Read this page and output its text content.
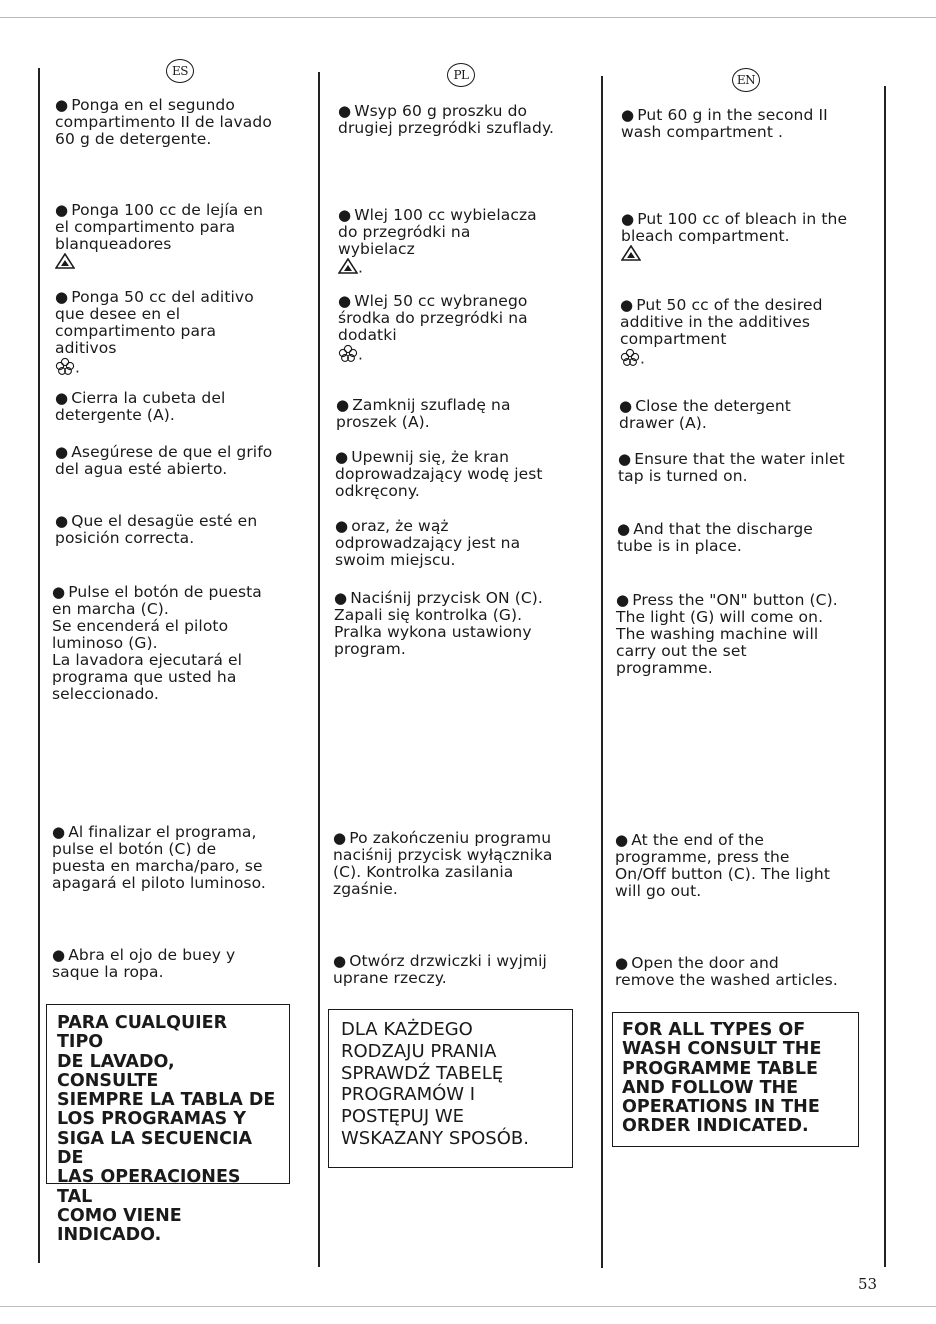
ES
● Ponga en el segundo
compartimento II de lavado
60 g de detergente.
● Ponga 100 cc de lejía en
el compartimento para
blanqueadores

● Ponga 50 cc del aditivo
que desee en el
compartimento para
aditivos
.
● Cierra la cubeta del
detergente (A).
● Asegúrese de que el grifo
del agua esté abierto.
● Que el desagüe esté en
posición correcta.
● Pulse el botón de puesta
en marcha (C).
Se encenderá el piloto
luminoso (G).
La lavadora ejecutará el
programa que usted ha
seleccionado.
● Al finalizar el programa,
pulse el botón (C) de
puesta en marcha/paro, se
apagará el piloto luminoso.
● Abra el ojo de buey y
saque la ropa.
PARA CUALQUIER TIPO
DE LAVADO, CONSULTE
SIEMPRE LA TABLA DE
LOS PROGRAMAS Y
SIGA LA SECUENCIA DE
LAS OPERACIONES TAL
COMO VIENE
INDICADO.
PL
● Wsyp 60 g proszku do
drugiej przegródki szuflady.
● Wlej 100 cc wybielacza
do przegródki na
wybielacz
.
● Wlej 50 cc wybranego
środka do przegródki na
dodatki
.
● Zamknij szufladę na
proszek (A).
● Upewnij się, że kran
doprowadzający wodę jest
odkręcony.
● oraz, że wąż
odprowadzający jest na
swoim miejscu.
● Naciśnij przycisk ON (C).
Zapali się kontrolka (G).
Pralka wykona ustawiony
program.
● Po zakończeniu programu
naciśnij przycisk wyłącznika
(C). Kontrolka zasilania
zgaśnie.
● Otwórz drzwiczki i wyjmij
uprane rzeczy.
DLA KAŻDEGO
RODZAJU PRANIA
SPRAWDŹ TABELĘ
PROGRAMÓW I
POSTĘPUJ WE
WSKAZANY SPOSÓB.
EN
● Put 60 g in the second II
wash compartment .
● Put 100 cc of bleach in the
bleach compartment.

● Put 50 cc of the desired
additive in the additives
compartment
.
● Close the detergent
drawer (A).
● Ensure that the water inlet
tap is turned on.
● And that the discharge
tube is in place.
● Press the "ON" button (C).
The light (G) will come on.
The washing machine will
carry out the set
programme.
● At the end of the
programme, press the
On/Off button (C). The light
will go out.
● Open the door and
remove the washed articles.
FOR ALL TYPES OF
WASH CONSULT THE
PROGRAMME TABLE
AND FOLLOW THE
OPERATIONS IN THE
ORDER INDICATED.
53
